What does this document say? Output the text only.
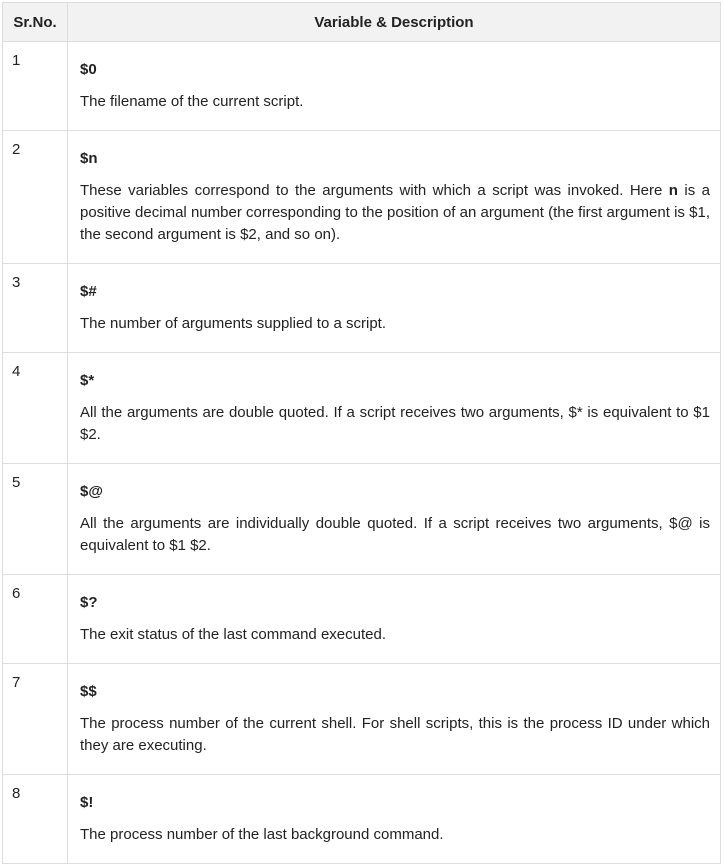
Sr.No.	Variable & Description
1	$0
The filename of the current script.

2	$n
These variables correspond to the arguments with which a script was invoked. Here n is a positive decimal number corresponding to the position of an argument (the first argument is $1, the second argument is $2, and so on).

3	$#
The number of arguments supplied to a script.

4	$*
All the arguments are double quoted. If a script receives two arguments, $* is equivalent to $1 $2.

5	$@
All the arguments are individually double quoted. If a script receives two arguments, $@ is equivalent to $1 $2.

6	$?
The exit status of the last command executed.

7	$$
The process number of the current shell. For shell scripts, this is the process ID under which they are executing.

8	$!
The process number of the last background command.
